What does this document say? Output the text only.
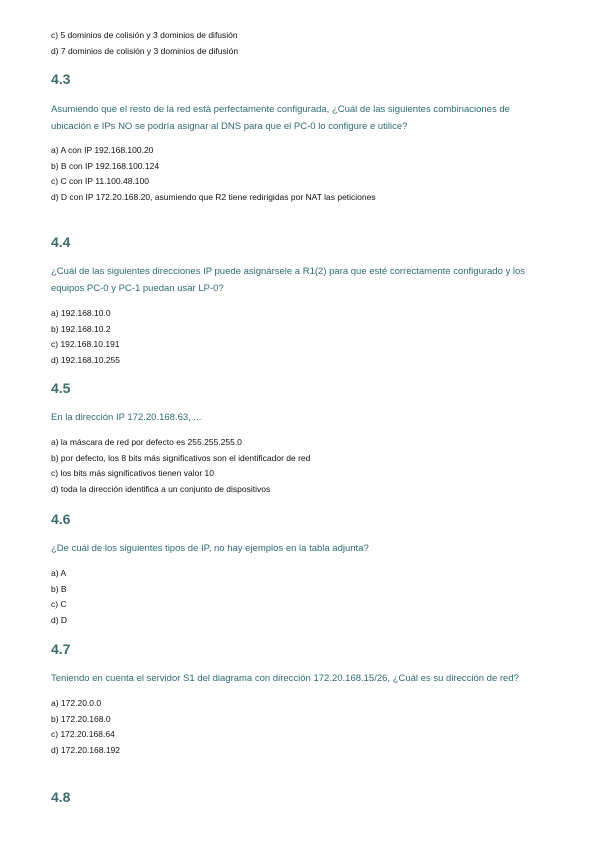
c) 5 dominios de colisión y 3 dominios de difusión
d) 7 dominios de colisión y 3 dominios de difusión
4.3
Asumiendo que el resto de la red está perfectamente configurada, ¿Cuál de las siguientes combinaciones de ubicación e IPs NO se podría asignar al DNS para que el PC-0 lo configure e utilice?
a) A con IP 192.168.100.20
b) B con IP 192.168.100.124
c) C con IP 11.100.48.100
d) D con IP 172.20.168.20, asumiendo que R2 tiene redirigidas por NAT las peticiones
4.4
¿Cuál de las siguientes direcciones IP puede asignársele a R1(2) para que esté correctamente configurado y los equipos PC-0 y PC-1 puedan usar LP-0?
a) 192.168.10.0
b) 192.168.10.2
c) 192.168.10.191
d) 192.168.10.255
4.5
En la dirección IP 172.20.168.63, ...
a) la máscara de red por defecto es 255.255.255.0
b) por defecto, los 8 bits más significativos son el identificador de red
c) los bits más significativos tienen valor 10
d) toda la dirección identifica a un conjunto de dispositivos
4.6
¿De cuál de los siguientes tipos de IP, no hay ejemplos en la tabla adjunta?
a) A
b) B
c) C
d) D
4.7
Teniendo en cuenta el servidor S1 del diagrama con dirección 172.20.168.15/26, ¿Cuál es su dirección de red?
a) 172.20.0.0
b) 172.20.168.0
c) 172.20.168.64
d) 172.20.168.192
4.8
